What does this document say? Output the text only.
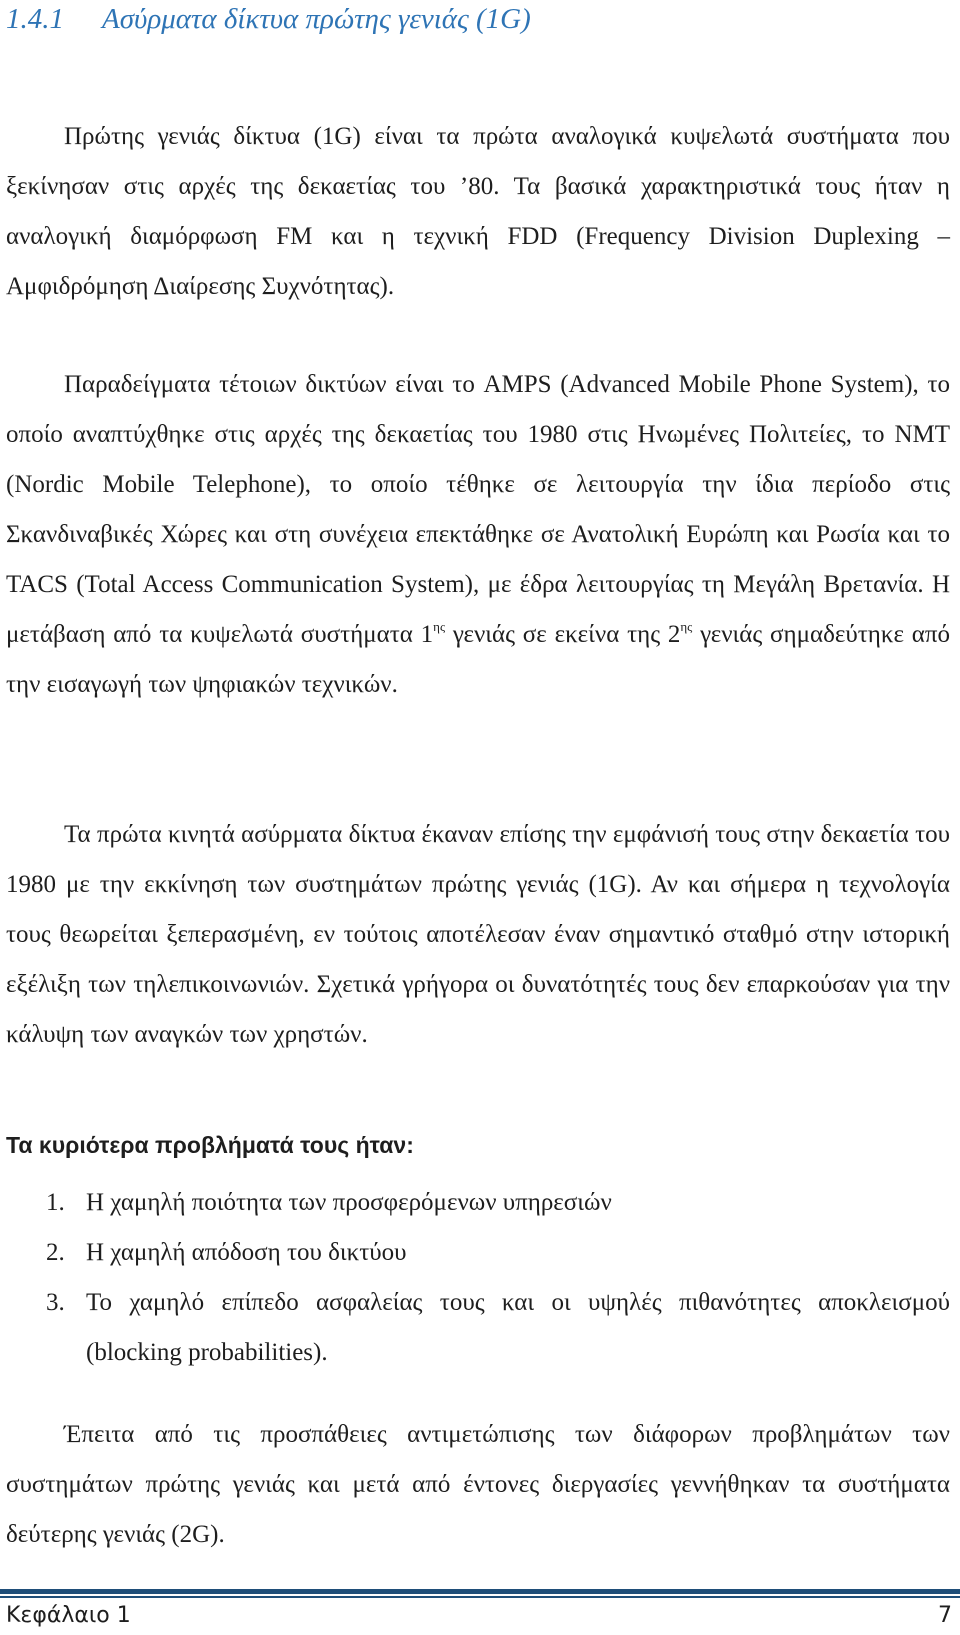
1.4.1 Ασύρματα δίκτυα πρώτης γενιάς (1G)

Πρώτης γενιάς δίκτυα (1G) είναι τα πρώτα αναλογικά κυψελωτά συστήματα που ξεκίνησαν στις αρχές της δεκαετίας του ’80. Τα βασικά χαρακτηριστικά τους ήταν η αναλογική διαμόρφωση FM και η τεχνική FDD (Frequency Division Duplexing – Αμφιδρόμηση Διαίρεσης Συχνότητας).

Παραδείγματα τέτοιων δικτύων είναι το AMPS (Advanced Mobile Phone System), το οποίο αναπτύχθηκε στις αρχές της δεκαετίας του 1980 στις Ηνωμένες Πολιτείες, το NMT (Nordic Mobile Telephone), το οποίο τέθηκε σε λειτουργία την ίδια περίοδο στις Σκανδιναβικές Χώρες και στη συνέχεια επεκτάθηκε σε Ανατολική Ευρώπη και Ρωσία και το TACS (Total Access Communication System), με έδρα λειτουργίας τη Μεγάλη Βρετανία. Η μετάβαση από τα κυψελωτά συστήματα $1^{\eta\varsigma}$ γενιάς σε εκείνα της $2^{\eta\varsigma}$ γενιάς σημαδεύτηκε από την εισαγωγή των ψηφιακών τεχνικών.

Τα πρώτα κινητά ασύρματα δίκτυα έκαναν επίσης την εμφάνισή τους στην δεκαετία του 1980 με την εκκίνηση των συστημάτων πρώτης γενιάς (1G). Αν και σήμερα η τεχνολογία τους θεωρείται ξεπερασμένη, εν τούτοις αποτέλεσαν έναν σημαντικό σταθμό στην ιστορική εξέλιξη των τηλεπικοινωνιών. Σχετικά γρήγορα οι δυνατότητές τους δεν επαρκούσαν για την κάλυψη των αναγκών των χρηστών.

Τα κυριότερα προβλήματά τους ήταν:
1. Η χαμηλή ποιότητα των προσφερόμενων υπηρεσιών
2. Η χαμηλή απόδοση του δικτύου
3. Το χαμηλό επίπεδο ασφαλείας τους και οι υψηλές πιθανότητες αποκλεισμού (blocking probabilities).

Έπειτα από τις προσπάθειες αντιμετώπισης των διάφορων προβλημάτων των συστημάτων πρώτης γενιάς και μετά από έντονες διεργασίες γεννήθηκαν τα συστήματα δεύτερης γενιάς (2G).

Κεφάλαιο 1	7
